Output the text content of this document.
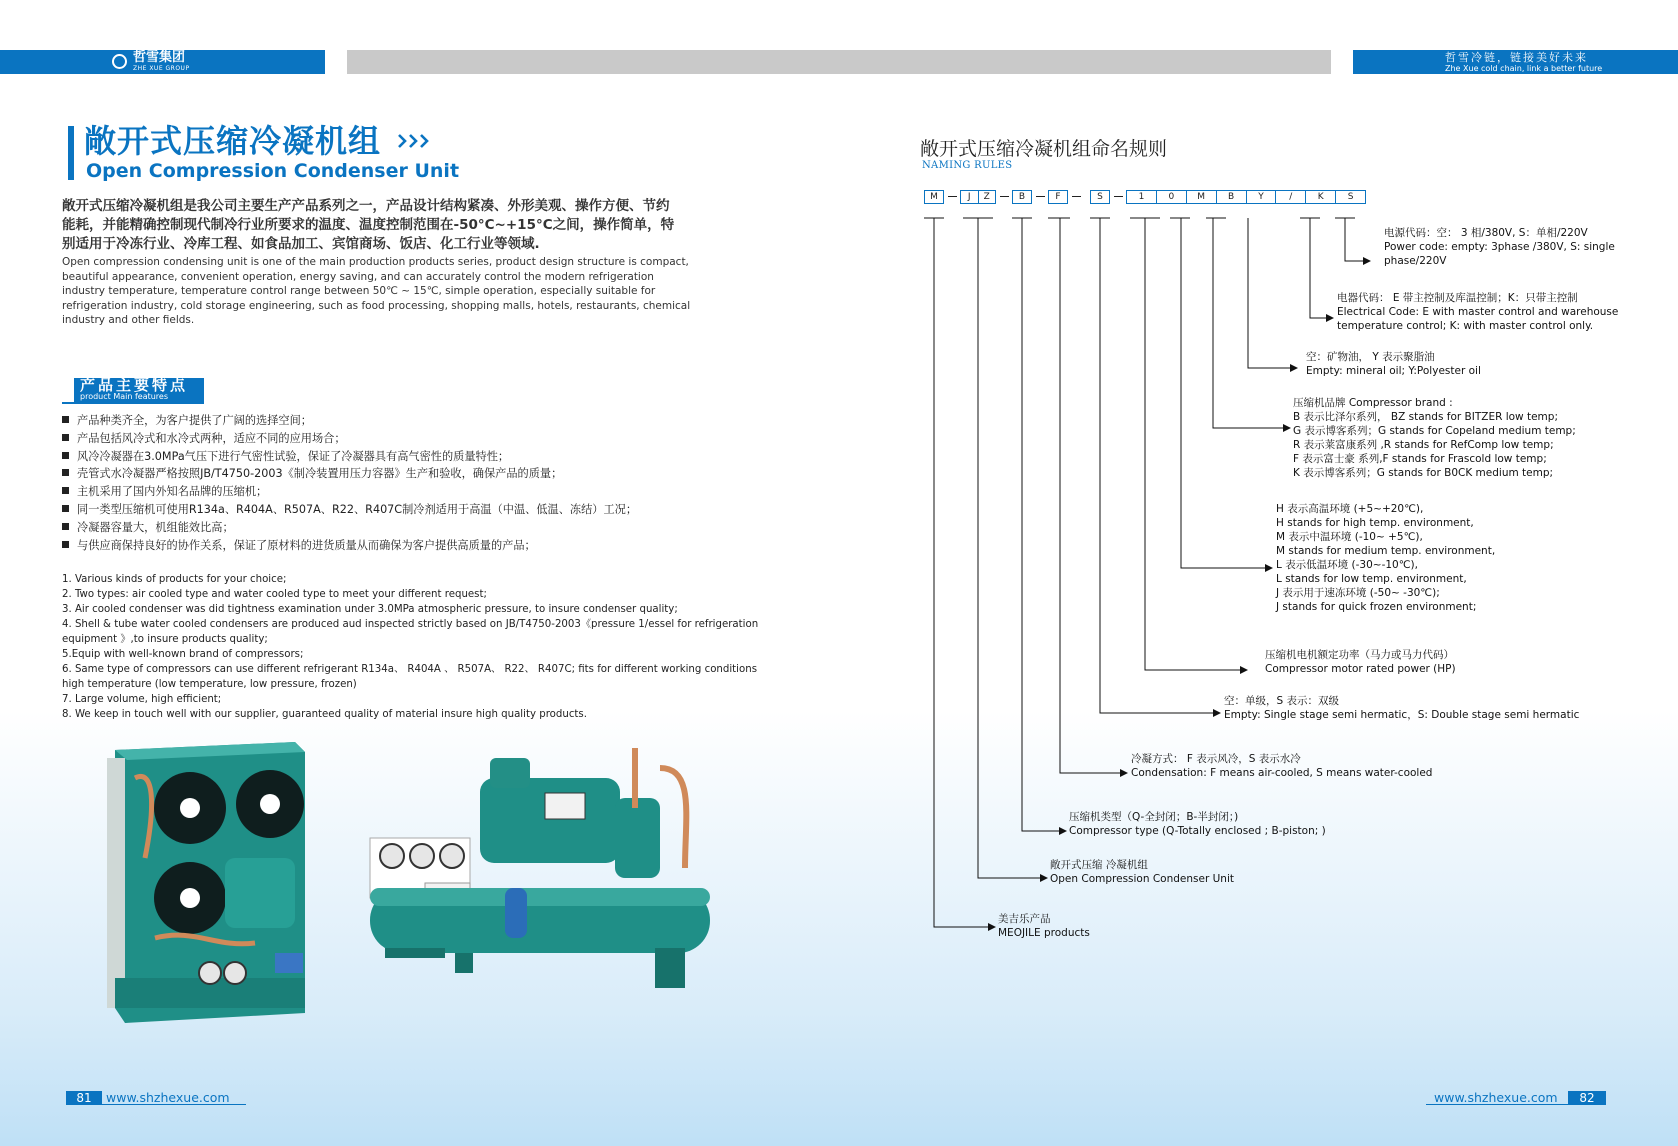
哲雪集团
ZHE XUE GROUP
哲雪冷链，链接美好未来
Zhe Xue cold chain, link a better future
敞开式压缩冷凝机组
Open Compression Condenser Unit

敞开式压缩冷凝机组是我公司主要生产产品系列之一，产品设计结构紧凑、外形美观、操作方便、节约能耗，并能精确控制现代制冷行业所要求的温度、温度控制范围在-50°C~+15°C之间，操作简单，特别适用于冷冻行业、冷库工程、如食品加工、宾馆商场、饭店、化工行业等领域.

Open compression condensing unit is one of the main production products series, product design structure is compact, beautiful appearance, convenient operation, energy saving, and can accurately control the modern refrigeration industry temperature, temperature control range between 50℃ ~ 15℃, simple operation, especially suitable for refrigeration industry, cold storage engineering, such as food processing, shopping malls, hotels, restaurants, chemical industry and other fields.

产品主要特点
product Main features
产品种类齐全，为客户提供了广阔的选择空间；
产品包括风冷式和水冷式两种，适应不同的应用场合；
风冷冷凝器在3.0MPa气压下进行气密性试验，保证了冷凝器具有高气密性的质量特性；
壳管式水冷凝器严格按照JB/T4750-2003《制冷装置用压力容器》生产和验收，确保产品的质量；
主机采用了国内外知名品牌的压缩机；
同一类型压缩机可使用R134a、R404A、R507A、R22、R407C制冷剂适用于高温（中温、低温、冻结）工况；
冷凝器容量大，机组能效比高；
与供应商保持良好的协作关系，保证了原材料的进货质量从而确保为客户提供高质量的产品；
1. Various kinds of products for your choice;
2. Two types: air cooled type and water cooled type to meet your different request;
3. Air cooled condenser was did tightness examination under 3.0MPa atmospheric pressure, to insure condenser quality;
4. Shell & tube water cooled condensers are produced aud inspected strictly based on JB/T4750-2003《pressure 1/essel for refrigeration equipment 》,to insure products quality;
5.Equip with well-known brand of compressors;
6. Same type of compressors can use different refrigerant R134a、 R404A 、 R507A、 R22、 R407C; fits for different working conditions high temperature (low temperature, low pressure, frozen)
7. Large volume, high efficient;
8. We keep in touch well with our supplier, guaranteed quality of material insure high quality products.
81	www.shzhexue.com
敞开式压缩冷凝机组命名规则
NAMING RULES
M	J	Z	B	F	S	1	0	M	B	Y	/	K	S
电源代码：空： 3 相/380V, S：单相/220V
Power code: empty: 3phase /380V, S: single
phase/220V
电器代码： E 带主控制及库温控制；K：只带主控制
Electrical Code: E with master control and warehouse
temperature control; K: with master control only.
空：矿物油， Y 表示聚脂油
Empty: mineral oil; Y:Polyester oil
压缩机品牌 Compressor brand :
B 表示比泽尔系列， BZ stands for BITZER low temp;
G 表示博客系列；G stands for Copeland medium temp;
R 表示莱富康系列 ,R stands for RefComp low temp;
F 表示富士豪 系列,F stands for Frascold low temp;
K 表示博客系列；G stands for B0CK medium temp;
H 表示高温环境 (+5~+20℃),
H stands for high temp. environment,
M 表示中温环境 (-10~ +5℃),
M stands for medium temp. environment,
L 表示低温环境 (-30~-10℃),
L stands for low temp. environment,
J 表示用于速冻环境 (-50~ -30℃);
J stands for quick frozen environment;
压缩机电机额定功率（马力或马力代码）
Compressor motor rated power (HP)
空：单级，S 表示：双级
Empty: Single stage semi hermatic，S: Double stage semi hermatic
冷凝方式： F 表示风冷，S 表示水冷
Condensation: F means air-cooled, S means water-cooled
压缩机类型（Q-全封闭；B-半封闭；)
Compressor type (Q-Totally enclosed ; B-piston; )
敞开式压缩 冷凝机组
Open Compression Condenser Unit
美吉乐产品
MEOJILE products
www.shzhexue.com	82
